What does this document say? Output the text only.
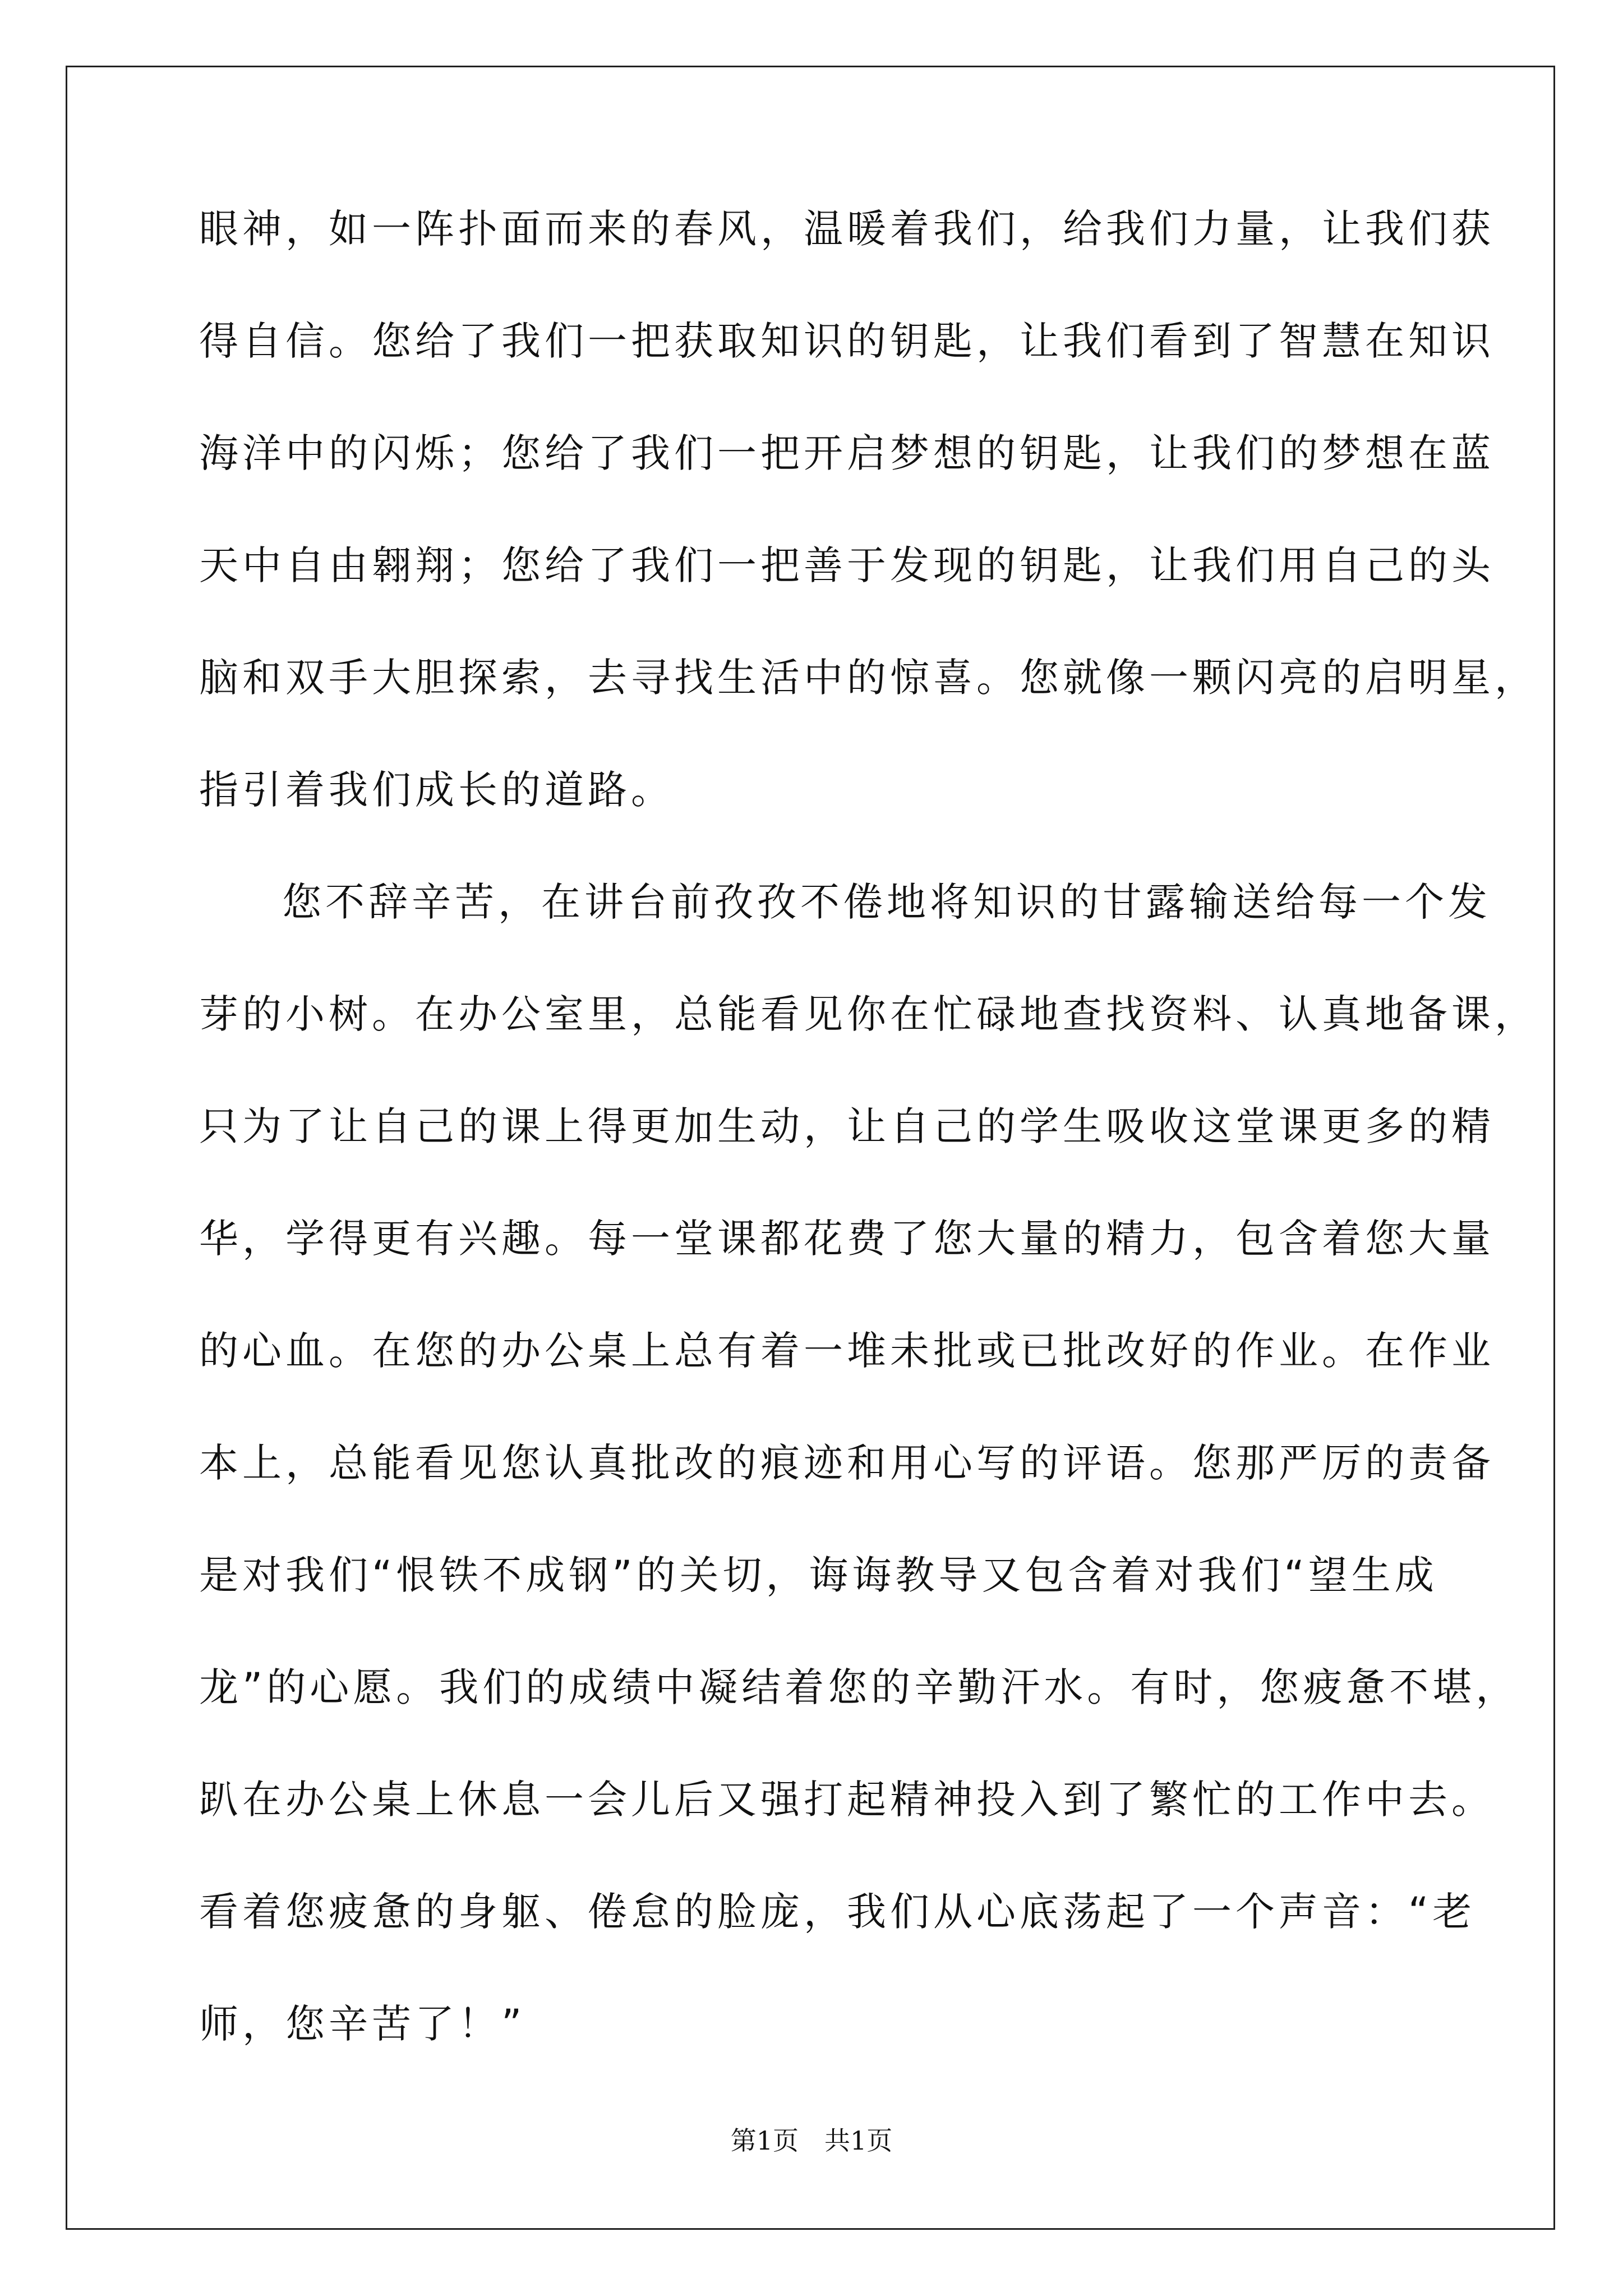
眼神，如一阵扑面而来的春风，温暖着我们，给我们力量，让我们获
得自信。您给了我们一把获取知识的钥匙，让我们看到了智慧在知识
海洋中的闪烁；您给了我们一把开启梦想的钥匙，让我们的梦想在蓝
天中自由翱翔；您给了我们一把善于发现的钥匙，让我们用自己的头
脑和双手大胆探索，去寻找生活中的惊喜。您就像一颗闪亮的启明星，
指引着我们成长的道路。
您不辞辛苦，在讲台前孜孜不倦地将知识的甘露输送给每一个发
芽的小树。在办公室里，总能看见你在忙碌地查找资料、认真地备课，
只为了让自己的课上得更加生动，让自己的学生吸收这堂课更多的精
华，学得更有兴趣。每一堂课都花费了您大量的精力，包含着您大量
的心血。在您的办公桌上总有着一堆未批或已批改好的作业。在作业
本上，总能看见您认真批改的痕迹和用心写的评语。您那严厉的责备
是对我们“恨铁不成钢”的关切，诲诲教导又包含着对我们“望生成
龙”的心愿。我们的成绩中凝结着您的辛勤汗水。有时，您疲惫不堪，
趴在办公桌上休息一会儿后又强打起精神投入到了繁忙的工作中去。
看着您疲惫的身躯、倦怠的脸庞，我们从心底荡起了一个声音：“老
师，您辛苦了！”
第1页　共1页
